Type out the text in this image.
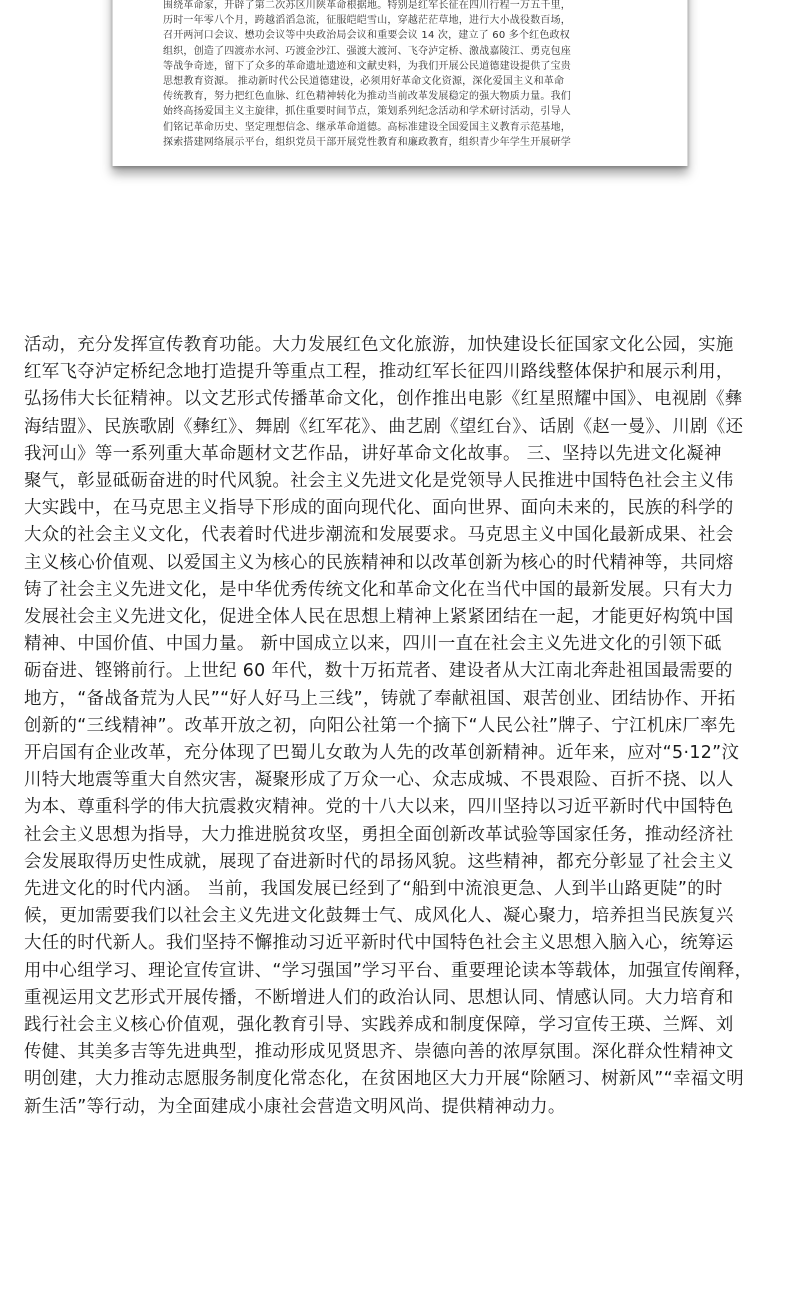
围绕革命家，开辟了第二次苏区川陕革命根据地。特别是红军长征在四川行程一万五千里，
历时一年零八个月，跨越滔滔急流，征服皑皑雪山，穿越茫茫草地，进行大小战役数百场，
召开两河口会议、懋功会议等中央政治局会议和重要会议 14 次，建立了 60 多个红色政权
组织，创造了四渡赤水河、巧渡金沙江、强渡大渡河、飞夺泸定桥、激战嘉陵江、勇克包座
等战争奇迹，留下了众多的革命遗址遗迹和文献史料，为我们开展公民道德建设提供了宝贵
思想教育资源。 推动新时代公民道德建设，必须用好革命文化资源，深化爱国主义和革命
传统教育，努力把红色血脉、红色精神转化为推动当前改革发展稳定的强大物质力量。我们
始终高扬爱国主义主旋律，抓住重要时间节点，策划系列纪念活动和学术研讨活动，引导人
们铭记革命历史、坚定理想信念、继承革命道德。高标准建设全国爱国主义教育示范基地，
探索搭建网络展示平台，组织党员干部开展党性教育和廉政教育，组织青少年学生开展研学
活动，充分发挥宣传教育功能。大力发展红色文化旅游，加快建设长征国家文化公园，实施
红军飞夺泸定桥纪念地打造提升等重点工程，推动红军长征四川路线整体保护和展示利用，
弘扬伟大长征精神。以文艺形式传播革命文化，创作推出电影《红星照耀中国》、电视剧《彝
海结盟》、民族歌剧《彝红》、舞剧《红军花》、曲艺剧《望红台》、话剧《赵一曼》、川剧《还
我河山》等一系列重大革命题材文艺作品，讲好革命文化故事。 三、坚持以先进文化凝神
聚气，彰显砥砺奋进的时代风貌。社会主义先进文化是党领导人民推进中国特色社会主义伟
大实践中，在马克思主义指导下形成的面向现代化、面向世界、面向未来的，民族的科学的
大众的社会主义文化，代表着时代进步潮流和发展要求。马克思主义中国化最新成果、社会
主义核心价值观、以爱国主义为核心的民族精神和以改革创新为核心的时代精神等，共同熔
铸了社会主义先进文化，是中华优秀传统文化和革命文化在当代中国的最新发展。只有大力
发展社会主义先进文化，促进全体人民在思想上精神上紧紧团结在一起，才能更好构筑中国
精神、中国价值、中国力量。 新中国成立以来，四川一直在社会主义先进文化的引领下砥
砺奋进、铿锵前行。上世纪 60 年代，数十万拓荒者、建设者从大江南北奔赴祖国最需要的
地方，“备战备荒为人民”“好人好马上三线”，铸就了奉献祖国、艰苦创业、团结协作、开拓
创新的“三线精神”。改革开放之初，向阳公社第一个摘下“人民公社”牌子、宁江机床厂率先
开启国有企业改革，充分体现了巴蜀儿女敢为人先的改革创新精神。近年来，应对“5·12”汶
川特大地震等重大自然灾害，凝聚形成了万众一心、众志成城、不畏艰险、百折不挠、以人
为本、尊重科学的伟大抗震救灾精神。党的十八大以来，四川坚持以习近平新时代中国特色
社会主义思想为指导，大力推进脱贫攻坚，勇担全面创新改革试验等国家任务，推动经济社
会发展取得历史性成就，展现了奋进新时代的昂扬风貌。这些精神，都充分彰显了社会主义
先进文化的时代内涵。 当前，我国发展已经到了“船到中流浪更急、人到半山路更陡”的时
候，更加需要我们以社会主义先进文化鼓舞士气、成风化人、凝心聚力，培养担当民族复兴
大任的时代新人。我们坚持不懈推动习近平新时代中国特色社会主义思想入脑入心，统筹运
用中心组学习、理论宣传宣讲、“学习强国”学习平台、重要理论读本等载体，加强宣传阐释，
重视运用文艺形式开展传播，不断增进人们的政治认同、思想认同、情感认同。大力培育和
践行社会主义核心价值观，强化教育引导、实践养成和制度保障，学习宣传王瑛、兰辉、刘
传健、其美多吉等先进典型，推动形成见贤思齐、崇德向善的浓厚氛围。深化群众性精神文
明创建，大力推动志愿服务制度化常态化，在贫困地区大力开展“除陋习、树新风”“幸福文明
新生活”等行动，为全面建成小康社会营造文明风尚、提供精神动力。
